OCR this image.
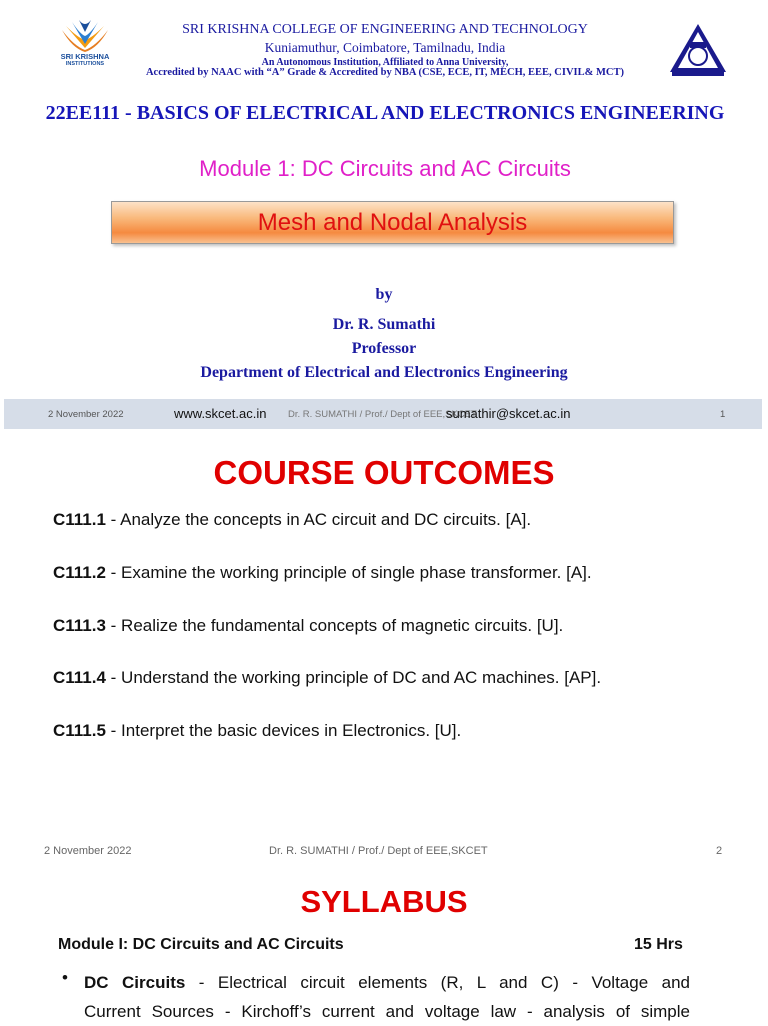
SRI KRISHNA
INSTITUTIONS
SRI KRISHNA COLLEGE OF ENGINEERING AND TECHNOLOGY
Kuniamuthur, Coimbatore, Tamilnadu, India
An Autonomous Institution, Affiliated to Anna University,
Accredited by NAAC with “A” Grade & Accredited by NBA (CSE, ECE, IT, MECH, EEE, CIVIL& MCT)
22EE111 - BASICS OF ELECTRICAL AND ELECTRONICS ENGINEERING
Module 1: DC Circuits and AC Circuits
Mesh and Nodal Analysis
by
Dr. R. Sumathi
Professor
Department of Electrical and Electronics Engineering
2 November 2022	Dr. R. SUMATHI / Prof./ Dept of EEE,SKCET
www.skcet.ac.in	sumathir@skcet.ac.in	1
COURSE OUTCOMES
C111.1 - Analyze the concepts in AC circuit and DC circuits. [A].
C111.2 - Examine the working principle of single phase transformer. [A].
C111.3 - Realize the fundamental concepts of magnetic circuits. [U].
C111.4 - Understand the working principle of DC and AC machines. [AP].
C111.5 - Interpret the basic devices in Electronics. [U].
2 November 2022	Dr. R. SUMATHI / Prof./ Dept of EEE,SKCET	2
SYLLABUS
Module I: DC Circuits and AC Circuits	15 Hrs
• DC Circuits - Electrical circuit elements (R, L and C) - Voltage and
Current Sources - Kirchoff’s current and voltage law - analysis of simple
